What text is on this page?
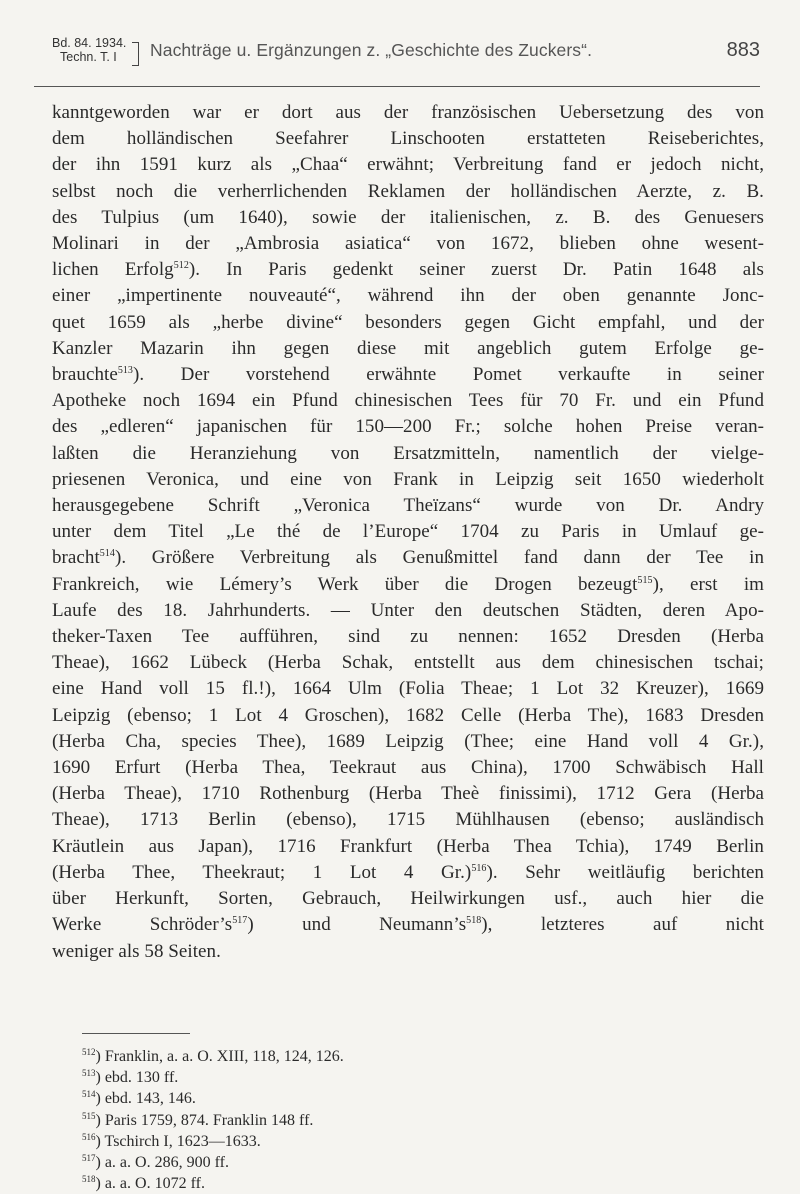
Bd. 84. 1934.
Techn. T. I	Nachträge u. Ergänzungen z. „Geschichte des Zuckers“.	883
kanntgeworden war er dort aus der französischen Uebersetzung des von
dem holländischen Seefahrer Linschooten erstatteten Reiseberichtes,
der ihn 1591 kurz als „Chaa“ erwähnt; Verbreitung fand er jedoch nicht,
selbst noch die verherrlichenden Reklamen der holländischen Aerzte, z. B.
des Tulpius (um 1640), sowie der italienischen, z. B. des Genuesers
Molinari in der „Ambrosia asiatica“ von 1672, blieben ohne wesent-
lichen Erfolg$^{512}$). In Paris gedenkt seiner zuerst Dr. Patin 1648 als
einer „impertinente nouveauté“, während ihn der oben genannte Jonc-
quet 1659 als „herbe divine“ besonders gegen Gicht empfahl, und der
Kanzler Mazarin ihn gegen diese mit angeblich gutem Erfolge ge-
brauchte$^{513}$). Der vorstehend erwähnte Pomet verkaufte in seiner
Apotheke noch 1694 ein Pfund chinesischen Tees für 70 Fr. und ein Pfund
des „edleren“ japanischen für 150—200 Fr.; solche hohen Preise veran-
laßten die Heranziehung von Ersatzmitteln, namentlich der vielge-
priesenen Veronica, und eine von Frank in Leipzig seit 1650 wiederholt
herausgegebene Schrift „Veronica Theïzans“ wurde von Dr. Andry
unter dem Titel „Le thé de l’Europe“ 1704 zu Paris in Umlauf ge-
bracht$^{514}$). Größere Verbreitung als Genußmittel fand dann der Tee in
Frankreich, wie Lémery’s Werk über die Drogen bezeugt$^{515}$), erst im
Laufe des 18. Jahrhunderts. — Unter den deutschen Städten, deren Apo-
theker-Taxen Tee aufführen, sind zu nennen: 1652 Dresden (Herba
Theae), 1662 Lübeck (Herba Schak, entstellt aus dem chinesischen tschai;
eine Hand voll 15 fl.!), 1664 Ulm (Folia Theae; 1 Lot 32 Kreuzer), 1669
Leipzig (ebenso; 1 Lot 4 Groschen), 1682 Celle (Herba The), 1683 Dresden
(Herba Cha, species Thee), 1689 Leipzig (Thee; eine Hand voll 4 Gr.),
1690 Erfurt (Herba Thea, Teekraut aus China), 1700 Schwäbisch Hall
(Herba Theae), 1710 Rothenburg (Herba Theè finissimi), 1712 Gera (Herba
Theae), 1713 Berlin (ebenso), 1715 Mühlhausen (ebenso; ausländisch
Kräutlein aus Japan), 1716 Frankfurt (Herba Thea Tchia), 1749 Berlin
(Herba Thee, Theekraut; 1 Lot 4 Gr.)$^{516}$). Sehr weitläufig berichten
über Herkunft, Sorten, Gebrauch, Heilwirkungen usf., auch hier die
Werke $Schröder’s^{517}$) und $Neumann’s^{518}$), letzteres auf nicht
weniger als 58 Seiten.
$^{512}$) Franklin, a. a. O. XIII, 118, 124, 126.
$^{513}$) ebd. 130 ff.
$^{514}$) ebd. 143, 146.
$^{515}$) Paris 1759, 874. Franklin 148 ff.
$^{516}$) Tschirch I, 1623—1633.
$^{517}$) a. a. O. 286, 900 ff.
$^{518}$) a. a. O. 1072 ff.
